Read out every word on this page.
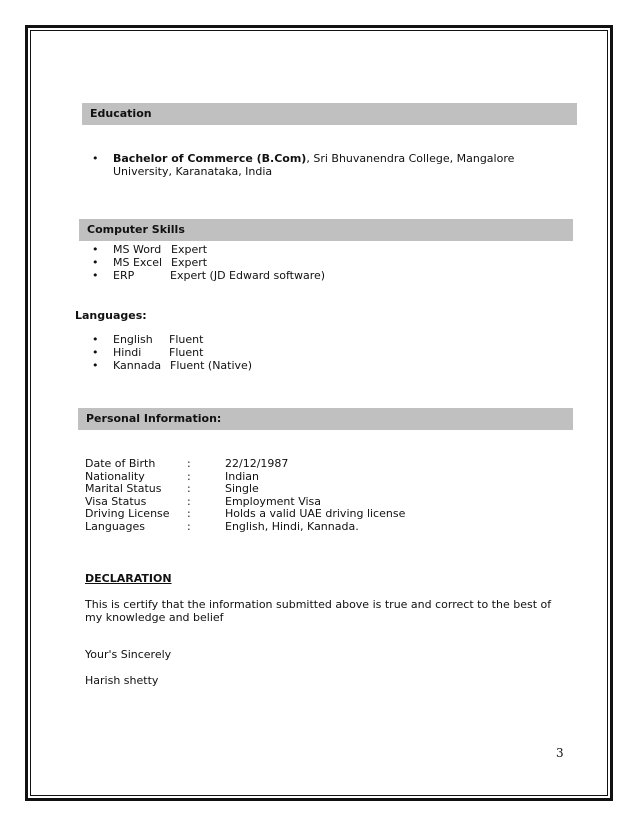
Education
• Bachelor of Commerce (B.Com), Sri Bhuvanendra College, Mangalore University, Karanataka, India
Computer Skills
• MS Word Expert
• MS Excel Expert
• ERP	Expert (JD Edward software)
Languages:
• English Fluent
• Hindi	Fluent
• Kannada Fluent (Native)
Personal Information:
Date of Birth
Nationality
Marital Status
Visa Status
Driving License
Languages
:
:
:
:
:
:
22/12/1987
Indian
Single
Employment Visa
Holds a valid UAE driving license
English, Hindi, Kannada.
DECLARATION
This is certify that the information submitted above is true and correct to the best of my knowledge and belief
Your's Sincerely
Harish shetty
3
